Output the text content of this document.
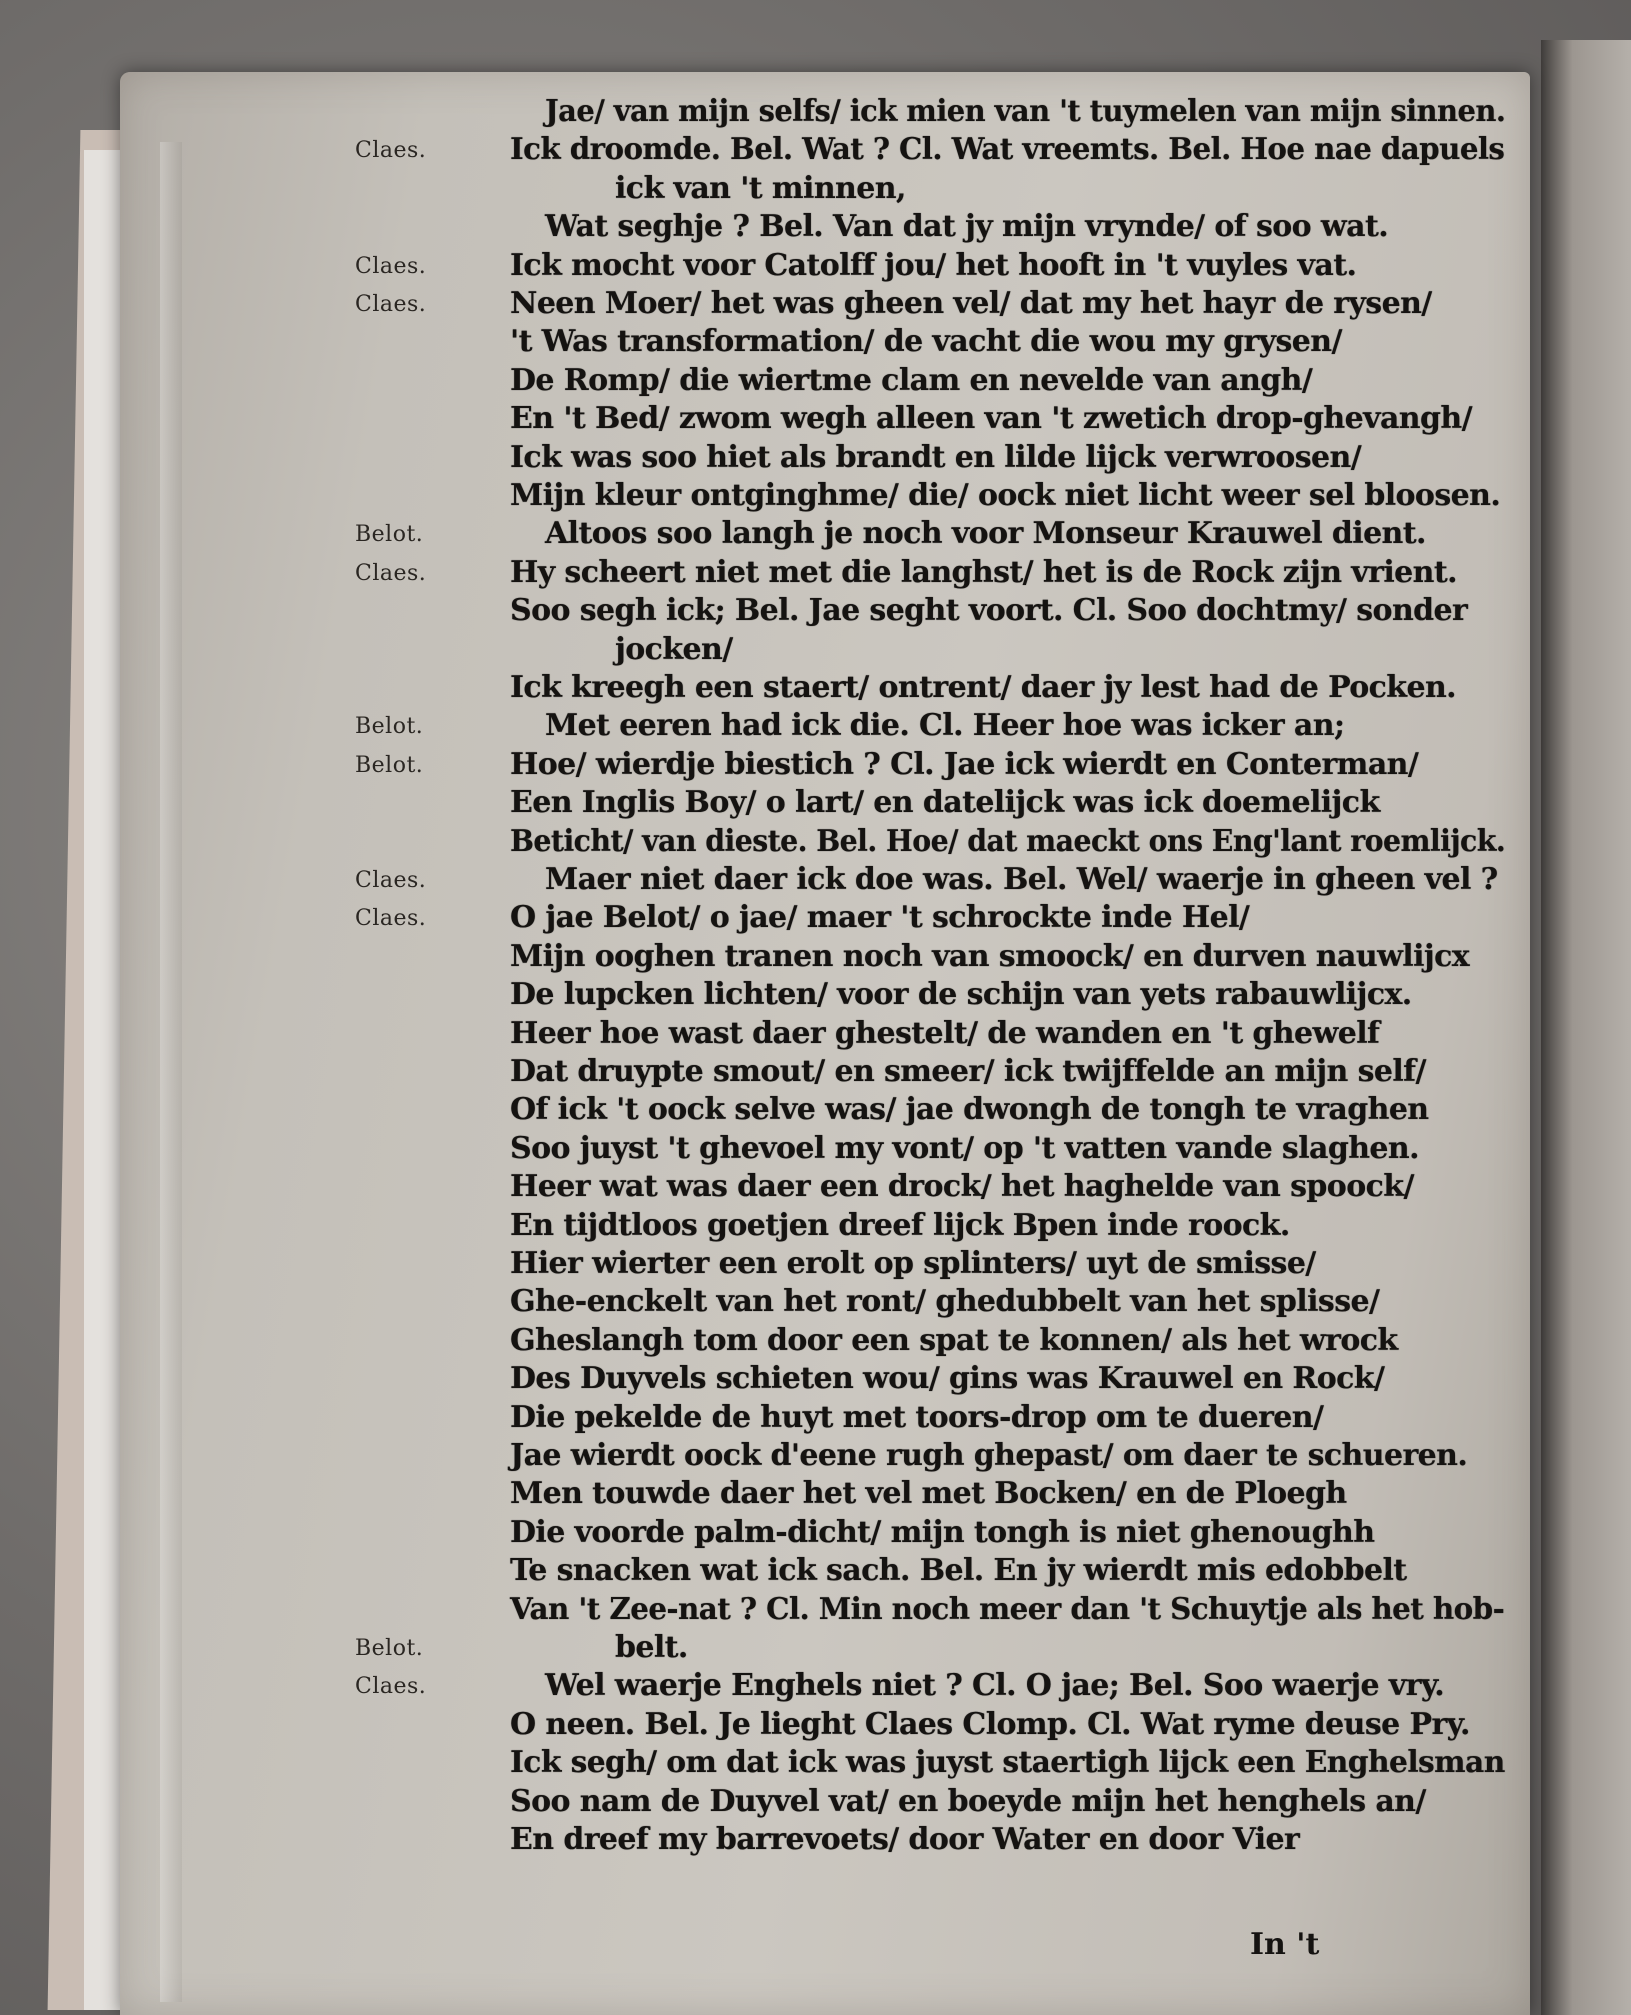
Jae/ van mijn selfs/ ick mien van 't tuymelen van mijn sinnen.
Claes.	Ick droomde. Bel. Wat ? Cl. Wat vreemts. Bel. Hoe nae dapuels
ick van 't minnen,
Wat seghje ? Bel. Van dat jy mijn vrynde/ of soo wat.
Claes.	Ick mocht voor Catolff jou/ het hooft in 't vuyles vat.
Claes.	Neen Moer/ het was gheen vel/ dat my het hayr de rysen/
't Was transformation/ de vacht die wou my grysen/
De Romp/ die wiertme clam en nevelde van angh/
En 't Bed/ zwom wegh alleen van 't zwetich drop-ghevangh/
Ick was soo hiet als brandt en lilde lijck verwroosen/
Mijn kleur ontginghme/ die/ oock niet licht weer sel bloosen.
Belot.	Altoos soo langh je noch voor Monseur Krauwel dient.
Claes.	Hy scheert niet met die langhst/ het is de Rock zijn vrient.
Soo segh ick; Bel. Jae seght voort. Cl. Soo dochtmy/ sonder
jocken/
Ick kreegh een staert/ ontrent/ daer jy lest had de Pocken.
Belot.	Met eeren had ick die. Cl. Heer hoe was icker an;
Belot.	Hoe/ wierdje biestich ? Cl. Jae ick wierdt en Conterman/
Een Inglis Boy/ o lart/ en datelijck was ick doemelijck
Beticht/ van dieste. Bel. Hoe/ dat maeckt ons Eng'lant roemlijck.
Claes.	Maer niet daer ick doe was. Bel. Wel/ waerje in gheen vel ?
Claes.	O jae Belot/ o jae/ maer 't schrockte inde Hel/
Mijn ooghen tranen noch van smoock/ en durven nauwlijcx
De lupcken lichten/ voor de schijn van yets rabauwlijcx.
Heer hoe wast daer ghestelt/ de wanden en 't ghewelf
Dat druypte smout/ en smeer/ ick twijffelde an mijn self/
Of ick 't oock selve was/ jae dwongh de tongh te vraghen
Soo juyst 't ghevoel my vont/ op 't vatten vande slaghen.
Heer wat was daer een drock/ het haghelde van spoock/
En tijdtloos goetjen dreef lijck Bpen inde roock.
Hier wierter een erolt op splinters/ uyt de smisse/
Ghe-enckelt van het ront/ ghedubbelt van het splisse/
Gheslangh tom door een spat te konnen/ als het wrock
Des Duyvels schieten wou/ gins was Krauwel en Rock/
Die pekelde de huyt met toors-drop om te dueren/
Jae wierdt oock d'eene rugh ghepast/ om daer te schueren.
Men touwde daer het vel met Bocken/ en de Ploegh
Die voorde palm-dicht/ mijn tongh is niet ghenoughh
Te snacken wat ick sach. Bel. En jy wierdt mis edobbelt
Van 't Zee-nat ? Cl. Min noch meer dan 't Schuytje als het hob-
Belot.	belt.
Claes.	Wel waerje Enghels niet ? Cl. O jae; Bel. Soo waerje vry.
O neen. Bel. Je lieght Claes Clomp. Cl. Wat ryme deuse Pry.
Ick segh/ om dat ick was juyst staertigh lijck een Enghelsman
Soo nam de Duyvel vat/ en boeyde mijn het henghels an/
En dreef my barrevoets/ door Water en door Vier
In 't
